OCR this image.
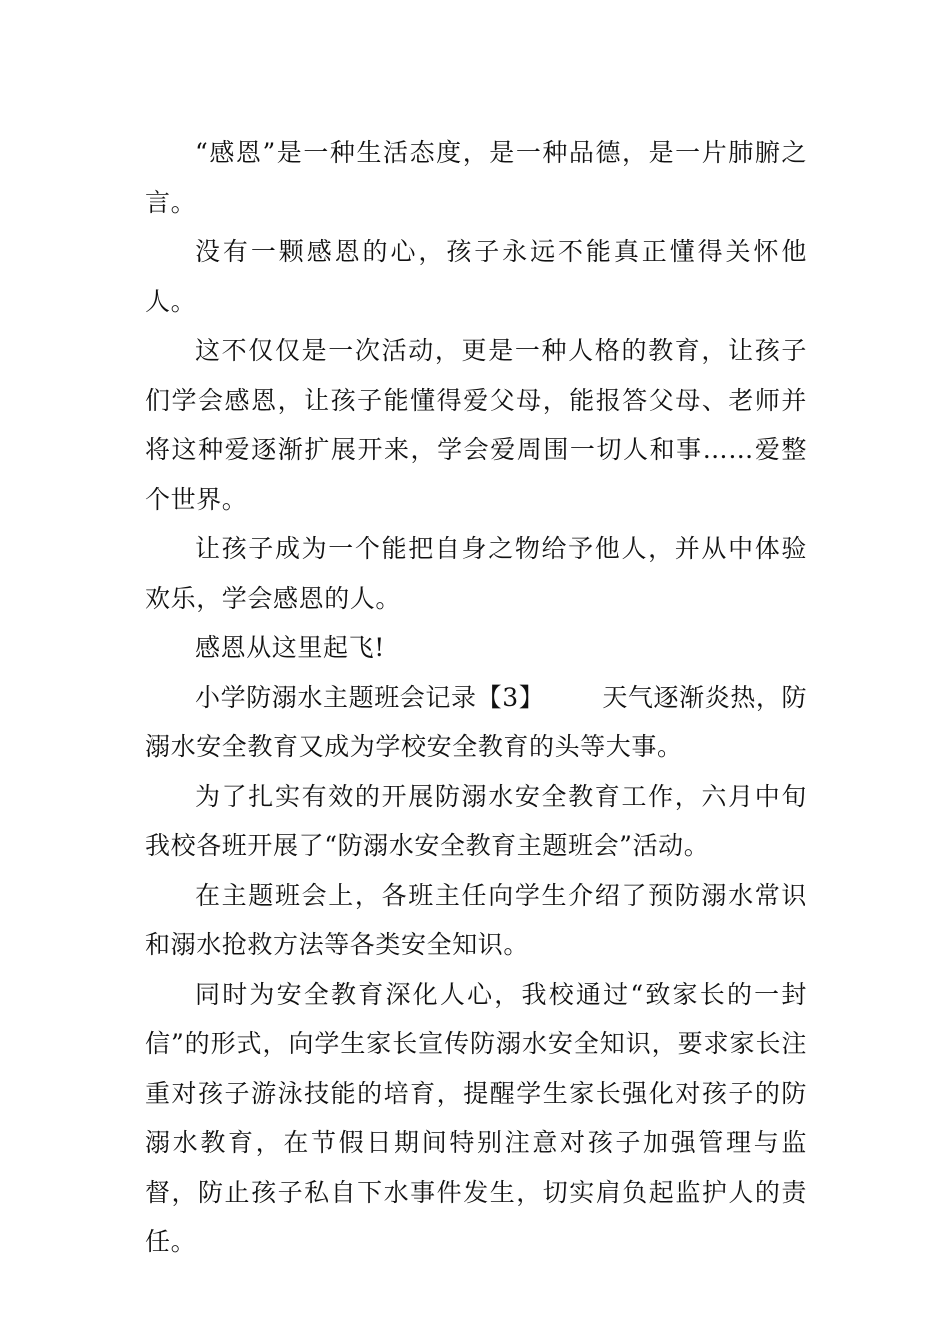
“感恩”是一种生活态度，是一种品德，是一片肺腑之言。

没有一颗感恩的心，孩子永远不能真正懂得关怀他人。

这不仅仅是一次活动，更是一种人格的教育，让孩子们学会感恩，让孩子能懂得爱父母，能报答父母、老师并将这种爱逐渐扩展开来，学会爱周围一切人和事……爱整个世界。

让孩子成为一个能把自身之物给予他人，并从中体验欢乐，学会感恩的人。

感恩从这里起飞!

小学防溺水主题班会记录【3】 天气逐渐炎热，防

溺水安全教育又成为学校安全教育的头等大事。

为了扎实有效的开展防溺水安全教育工作，六月中旬我校各班开展了“防溺水安全教育主题班会”活动。

在主题班会上，各班主任向学生介绍了预防溺水常识和溺水抢救方法等各类安全知识。

同时为安全教育深化人心，我校通过“致家长的一封信”的形式，向学生家长宣传防溺水安全知识，要求家长注重对孩子游泳技能的培育，提醒学生家长强化对孩子的防溺水教育，在节假日期间特别注意对孩子加强管理与监督，防止孩子私自下水事件发生，切实肩负起监护人的责任。
